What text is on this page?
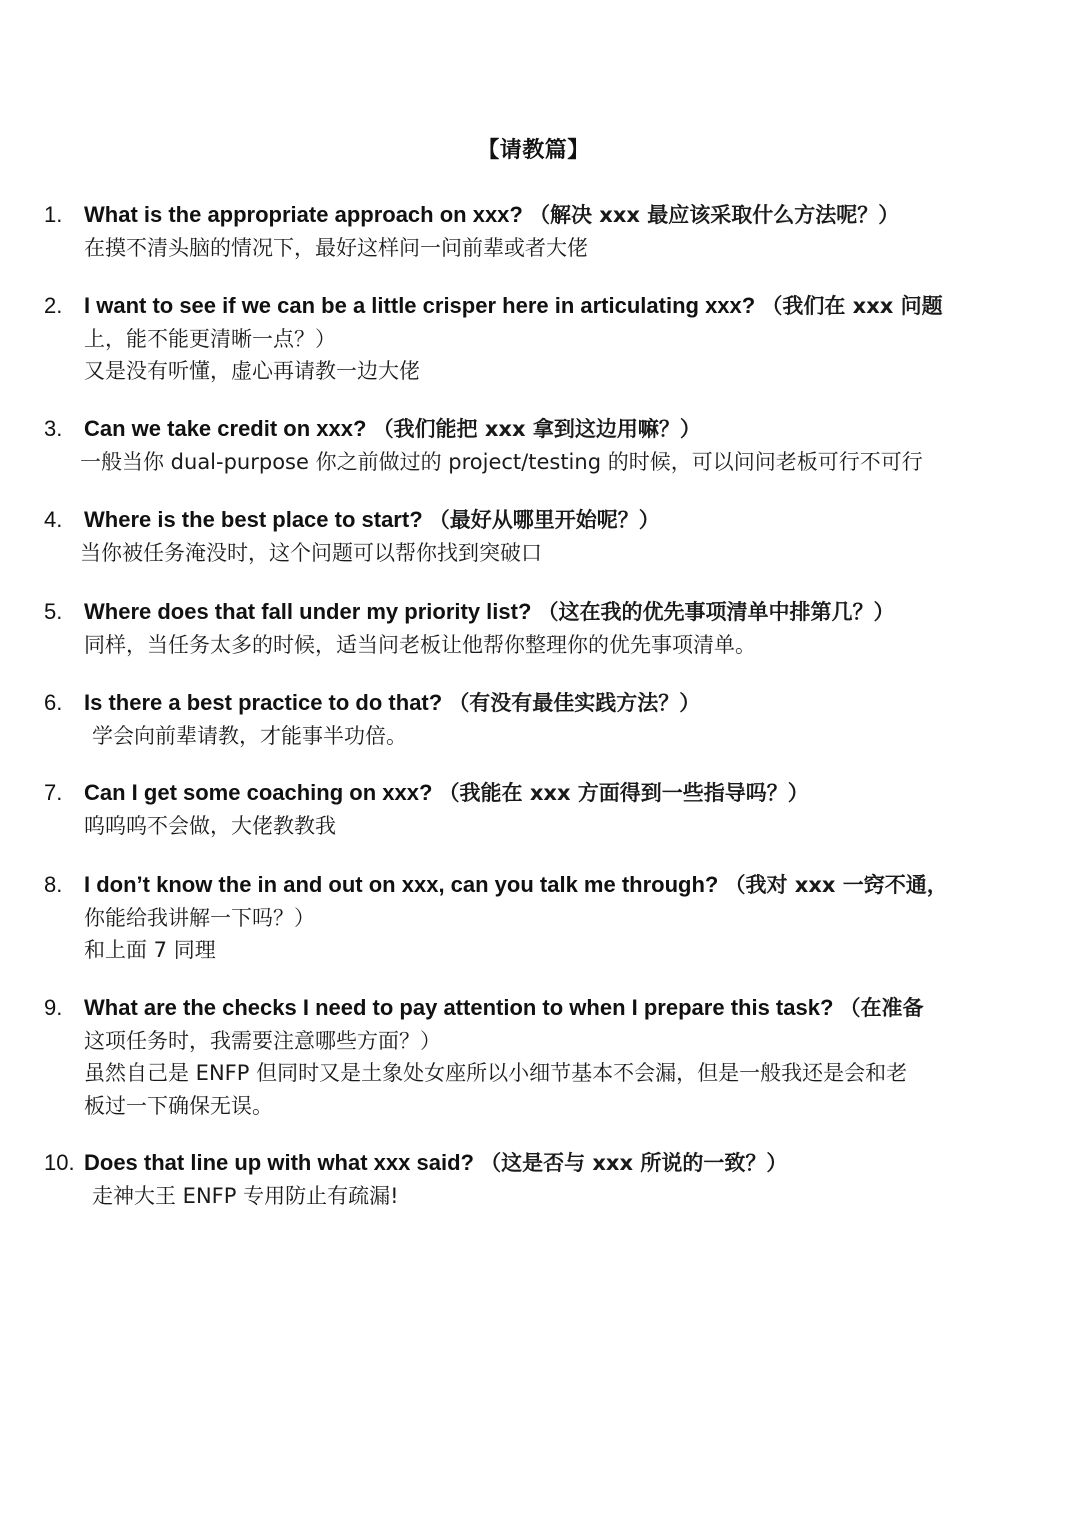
【请教篇】
1. What is the appropriate approach on xxx? （解决 xxx 最应该采取什么方法呢？）

在摸不清头脑的情况下，最好这样问一问前辈或者大佬
2. I want to see if we can be a little crisper here in articulating xxx? （我们在 xxx 问题

上，能不能更清晰一点？）
又是没有听懂，虚心再请教一边大佬
3. Can we take credit on xxx? （我们能把 xxx 拿到这边用嘛？）

一般当你 dual-purpose 你之前做过的 project/testing 的时候，可以问问老板可行不可行
4. Where is the best place to start? （最好从哪里开始呢？）

当你被任务淹没时，这个问题可以帮你找到突破口
5. Where does that fall under my priority list? （这在我的优先事项清单中排第几？）

同样，当任务太多的时候，适当问老板让他帮你整理你的优先事项清单。
6. Is there a best practice to do that? （有没有最佳实践方法？）

学会向前辈请教，才能事半功倍。
7. Can I get some coaching on xxx? （我能在 xxx 方面得到一些指导吗？）

呜呜呜不会做，大佬教教我
8. I don’t know the in and out on xxx, can you talk me through? （我对 xxx 一窍不通，

你能给我讲解一下吗？）
和上面 7 同理
9. What are the checks I need to pay attention to when I prepare this task? （在准备

这项任务时，我需要注意哪些方面？）
虽然自己是 ENFP 但同时又是土象处女座所以小细节基本不会漏，但是一般我还是会和老
板过一下确保无误。
10. Does that line up with what xxx said? （这是否与 xxx 所说的一致？）

走神大王 ENFP 专用防止有疏漏!
